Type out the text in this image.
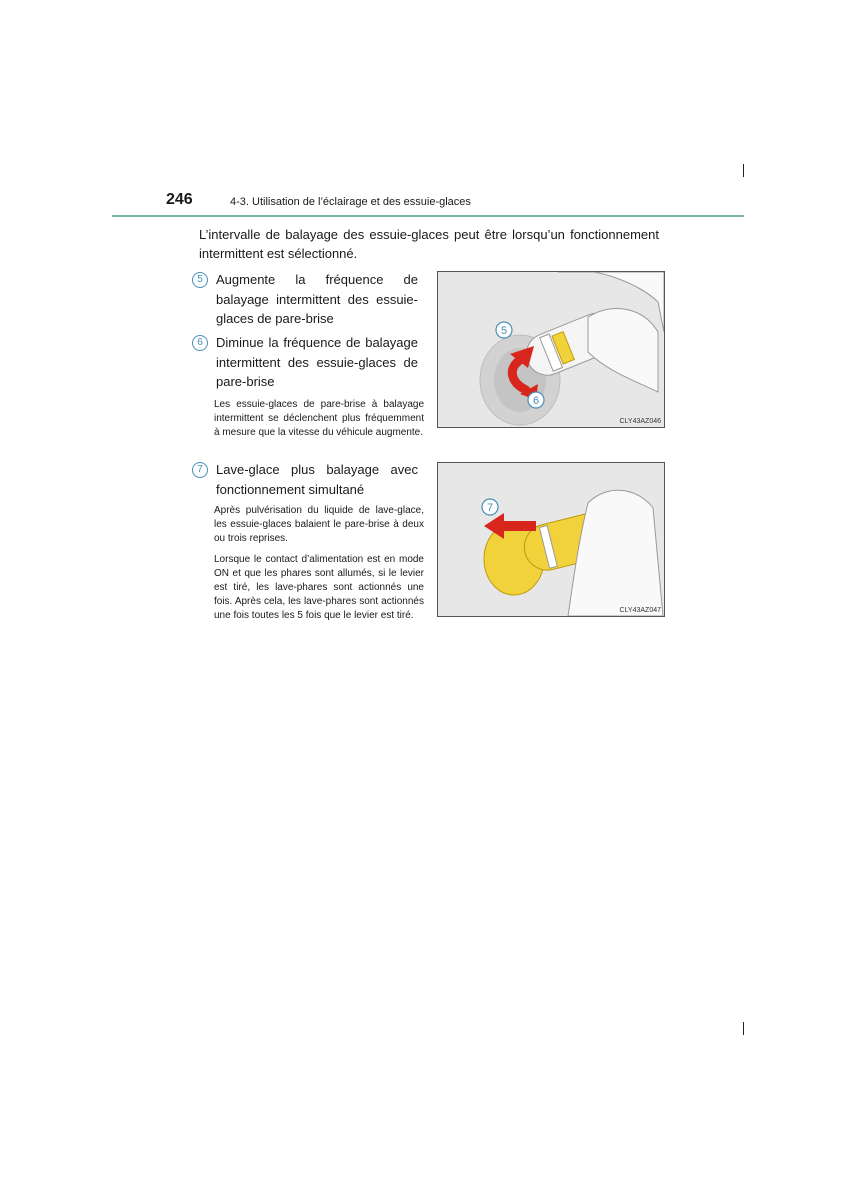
246	4-3. Utilisation de l’éclairage et des essuie-glaces
L’intervalle de balayage des essuie-glaces peut être lorsqu’un fonctionnement intermittent est sélectionné.
5	Augmente la fréquence de balayage intermittent des essuie-glaces de pare-brise
6	Diminue la fréquence de balayage intermittent des essuie-glaces de pare-brise
Les essuie-glaces de pare-brise à balayage intermittent se déclenchent plus fréquemment à mesure que la vitesse du véhicule augmente.
7	Lave-glace plus balayage avec fonctionnement simultané
Après pulvérisation du liquide de lave-glace, les essuie-glaces balaient le pare-brise à deux ou trois reprises.
Lorsque le contact d’alimentation est en mode ON et que les phares sont allumés, si le levier est tiré, les lave-phares sont actionnés une fois. Après cela, les lave-phares sont actionnés une fois toutes les 5 fois que le levier est tiré.
5
6
CLY43AZ046
7
CLY43AZ047
